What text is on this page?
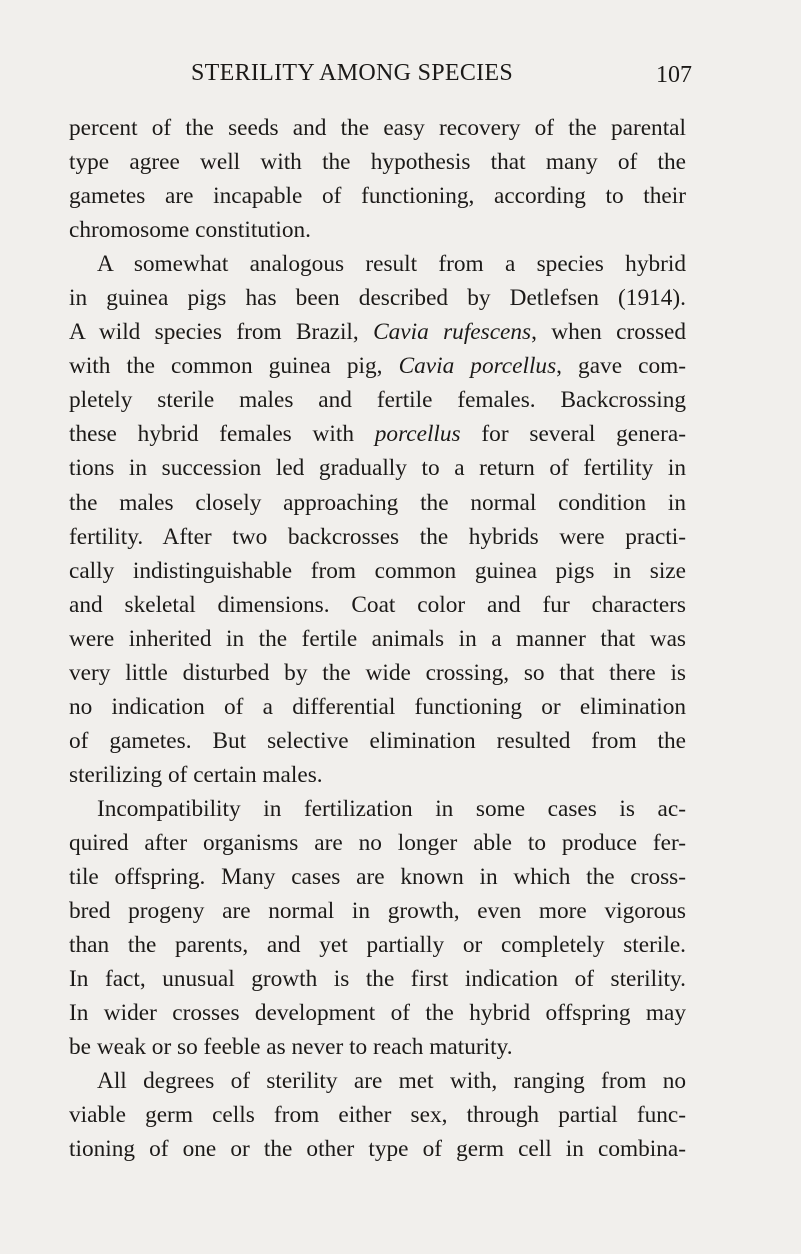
STERILITY AMONG SPECIES	107
percent of the seeds and the easy recovery of the parental
type agree well with the hypothesis that many of the
gametes are incapable of functioning, according to their
chromosome constitution.
A somewhat analogous result from a species hybrid
in guinea pigs has been described by Detlefsen (1914).
A wild species from Brazil, Cavia rufescens, when crossed
with the common guinea pig, Cavia porcellus, gave com-
pletely sterile males and fertile females. Backcrossing
these hybrid females with porcellus for several genera-
tions in succession led gradually to a return of fertility in
the males closely approaching the normal condition in
fertility. After two backcrosses the hybrids were practi-
cally indistinguishable from common guinea pigs in size
and skeletal dimensions. Coat color and fur characters
were inherited in the fertile animals in a manner that was
very little disturbed by the wide crossing, so that there is
no indication of a differential functioning or elimination
of gametes. But selective elimination resulted from the
sterilizing of certain males.
Incompatibility in fertilization in some cases is ac-
quired after organisms are no longer able to produce fer-
tile offspring. Many cases are known in which the cross-
bred progeny are normal in growth, even more vigorous
than the parents, and yet partially or completely sterile.
In fact, unusual growth is the first indication of sterility.
In wider crosses development of the hybrid offspring may
be weak or so feeble as never to reach maturity.
All degrees of sterility are met with, ranging from no
viable germ cells from either sex, through partial func-
tioning of one or the other type of germ cell in combina-
